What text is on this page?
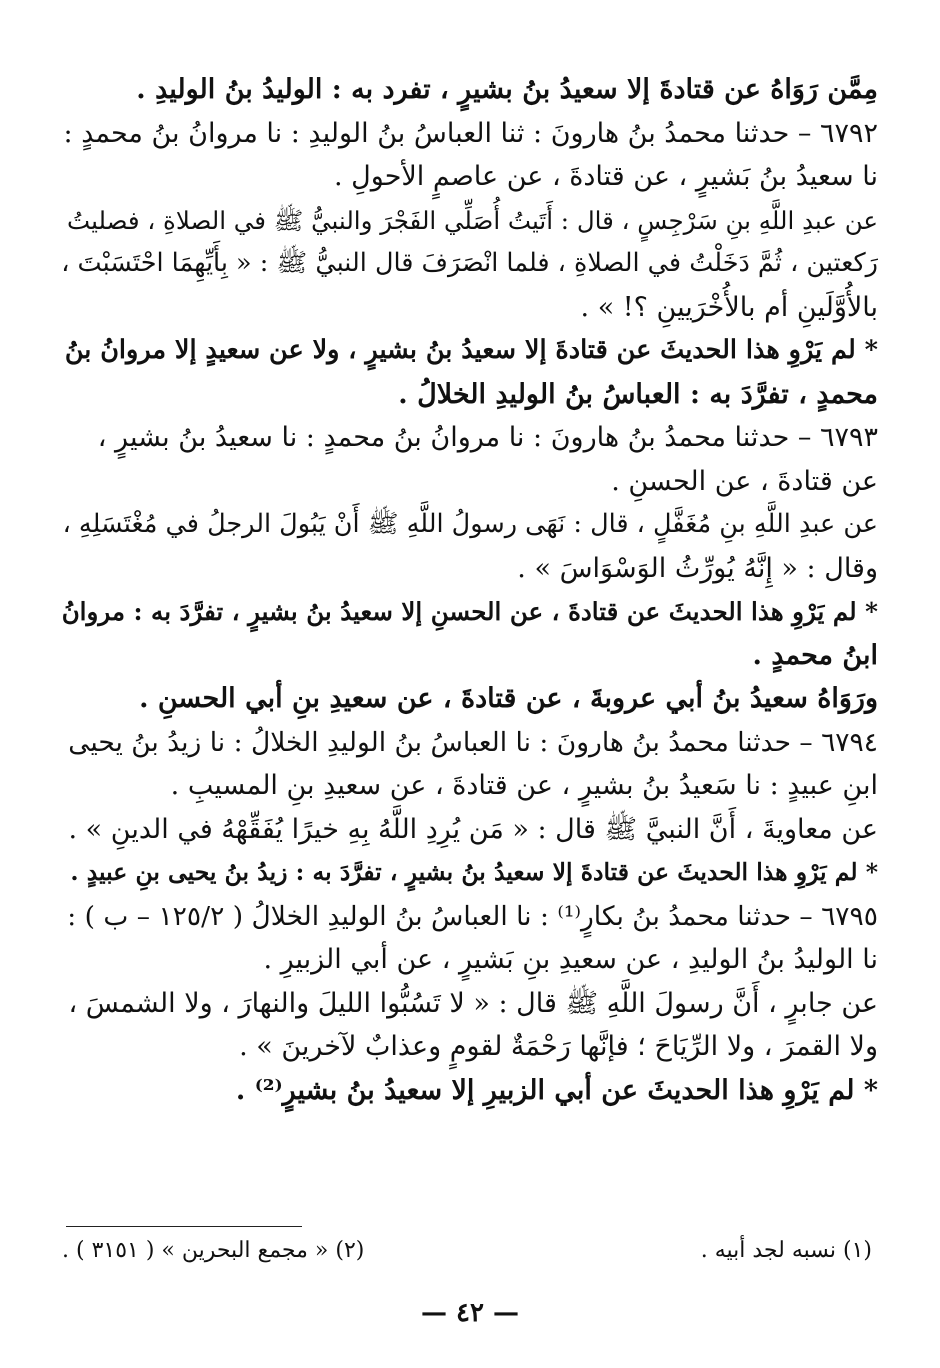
مِمَّن رَوَاهُ عن قتادةَ إلا سعيدُ بنُ بشيرٍ ، تفرد به : الوليدُ بنُ الوليدِ .
٦٧٩٢ – حدثنا محمدُ بنُ هارونَ : ثنا العباسُ بنُ الوليدِ : نا مروانُ بنُ محمدٍ :
نا سعيدُ بنُ بَشيرٍ ، عن قتادةَ ، عن عاصمٍ الأحولِ .
عن عبدِ اللَّهِ بنِ سَرْجِسٍ ، قال : أَتَيتُ أُصَلِّي الفَجْرَ والنبيُّ ﷺ في الصلاةِ ، فصليتُ
رَكعتين ، ثُمَّ دَخَلْتُ في الصلاةِ ، فلما انْصَرَفَ قال النبيُّ ﷺ : « بِأَيِّهِمَا احْتَسَبْتَ ،
بالأُوَّلَينِ أم بالأُخْرَيينِ ؟! » .
* لم يَرْوِ هذا الحديثَ عن قتادةَ إلا سعيدُ بنُ بشيرٍ ، ولا عن سعيدٍ إلا مروانُ بنُ
محمدٍ ، تفرَّدَ به : العباسُ بنُ الوليدِ الخلالُ .
٦٧٩٣ – حدثنا محمدُ بنُ هارونَ : نا مروانُ بنُ محمدٍ : نا سعيدُ بنُ بشيرٍ ،
عن قتادةَ ، عن الحسنِ .
عن عبدِ اللَّهِ بنِ مُغَفَّلٍ ، قال : نَهَى رسولُ اللَّهِ ﷺ أَنْ يَبُولَ الرجلُ في مُغْتَسَلِهِ ،
وقال : « إِنَّهُ يُورِّثُ الوَسْوَاسَ » .
* لم يَرْوِ هذا الحديثَ عن قتادةَ ، عن الحسنِ إلا سعيدُ بنُ بشيرٍ ، تفرَّدَ به : مروانُ
ابنُ محمدٍ .
ورَوَاهُ سعيدُ بنُ أبي عروبةَ ، عن قتادةَ ، عن سعيدِ بنِ أبي الحسنِ .
٦٧٩٤ – حدثنا محمدُ بنُ هارونَ : نا العباسُ بنُ الوليدِ الخلالُ : نا زيدُ بنُ يحيى
ابنِ عبيدٍ : نا سَعيدُ بنُ بشيرٍ ، عن قتادةَ ، عن سعيدِ بنِ المسيبِ .
عن معاويةَ ، أَنَّ النبيَّ ﷺ قال : « مَن يُرِدِ اللَّهُ بِهِ خيرًا يُفَقِّهْهُ في الدينِ » .
* لم يَرْوِ هذا الحديثَ عن قتادةَ إلا سعيدُ بنُ بشيرٍ ، تفرَّدَ به : زيدُ بنُ يحيى بنِ عبيدٍ .
٦٧٩٥ – حدثنا محمدُ بنُ بكارٍ⁽¹⁾ : نا العباسُ بنُ الوليدِ الخلالُ ( ١٢٥/٢ – ب ) :
نا الوليدُ بنُ الوليدِ ، عن سعيدِ بنِ بَشيرٍ ، عن أبي الزبيرِ .
عن جابرٍ ، أَنَّ رسولَ اللَّهِ ﷺ قال : « لا تَسُبُّوا الليلَ والنهارَ ، ولا الشمسَ ،
ولا القمرَ ، ولا الرِّيَاحَ ؛ فإنَّها رَحْمَةٌ لقومٍ وعذابٌ لآخرينَ » .
* لم يَرْوِ هذا الحديثَ عن أبي الزبيرِ إلا سعيدُ بنُ بشيرٍ⁽²⁾ .
(١) نسبه لجد أبيه .
(٢) « مجمع البحرين » ( ٣١٥١ ) .
— ٤٢ —
